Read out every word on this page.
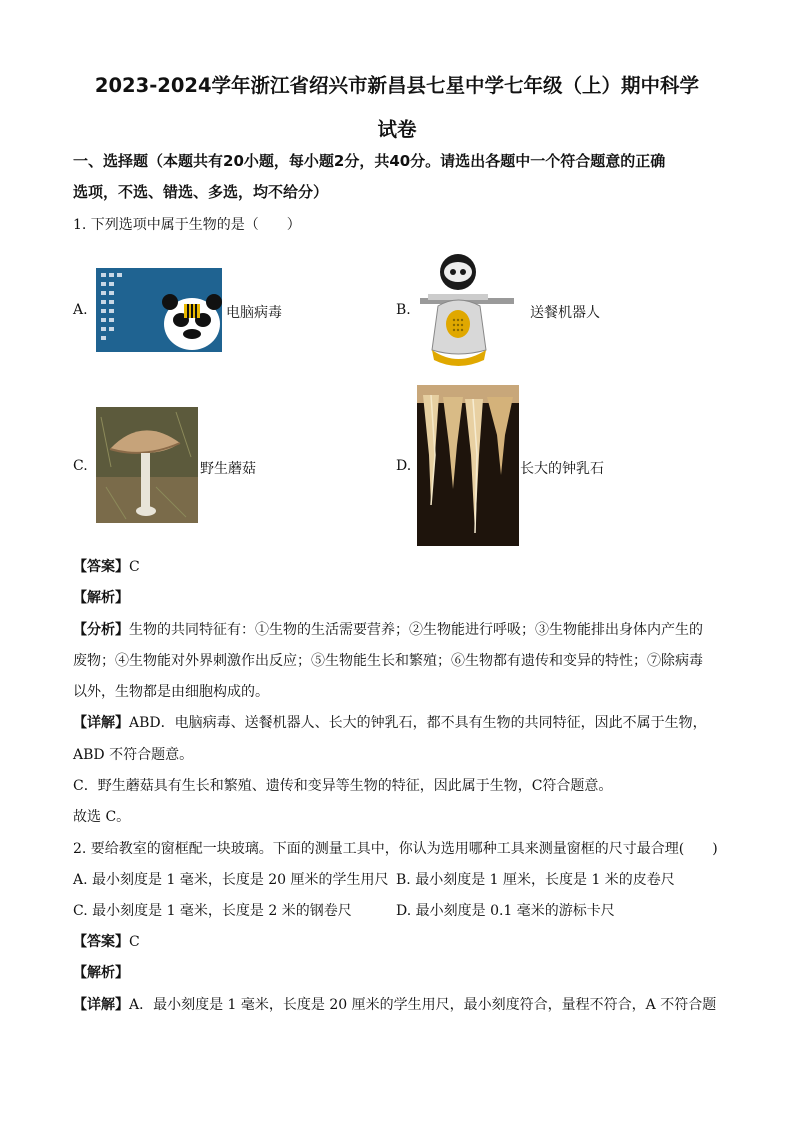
2023-2024学年浙江省绍兴市新昌县七星中学七年级（上）期中科学
试卷
一、选择题（本题共有20小题，每小题2分，共40分。请选出各题中一个符合题意的正确
选项，不选、错选、多选，均不给分）
1. 下列选项中属于生物的是（　　）
A.	电脑病毒	B.	送餐机器人
C.	野生蘑菇	D.	长大的钟乳石
【答案】C
【解析】
【分析】生物的共同特征有：①生物的生活需要营养；②生物能进行呼吸；③生物能排出身体内产生的
废物；④生物能对外界刺激作出反应；⑤生物能生长和繁殖；⑥生物都有遗传和变异的特性；⑦除病毒
以外，生物都是由细胞构成的。
【详解】ABD．电脑病毒、送餐机器人、长大的钟乳石，都不具有生物的共同特征，因此不属于生物，
ABD 不符合题意。
C．野生蘑菇具有生长和繁殖、遗传和变异等生物的特征，因此属于生物，C符合题意。
故选 C。
2. 要给教室的窗框配一块玻璃。下面的测量工具中，你认为选用哪种工具来测量窗框的尺寸最合理(　　)
A. 最小刻度是 1 毫米，长度是 20 厘米的学生用尺 B. 最小刻度是 1 厘米，长度是 1 米的皮卷尺
C. 最小刻度是 1 毫米，长度是 2 米的钢卷尺	D. 最小刻度是 0.1 毫米的游标卡尺
【答案】C
【解析】
【详解】A．最小刻度是 1 毫米，长度是 20 厘米的学生用尺，最小刻度符合，量程不符合，A 不符合题
